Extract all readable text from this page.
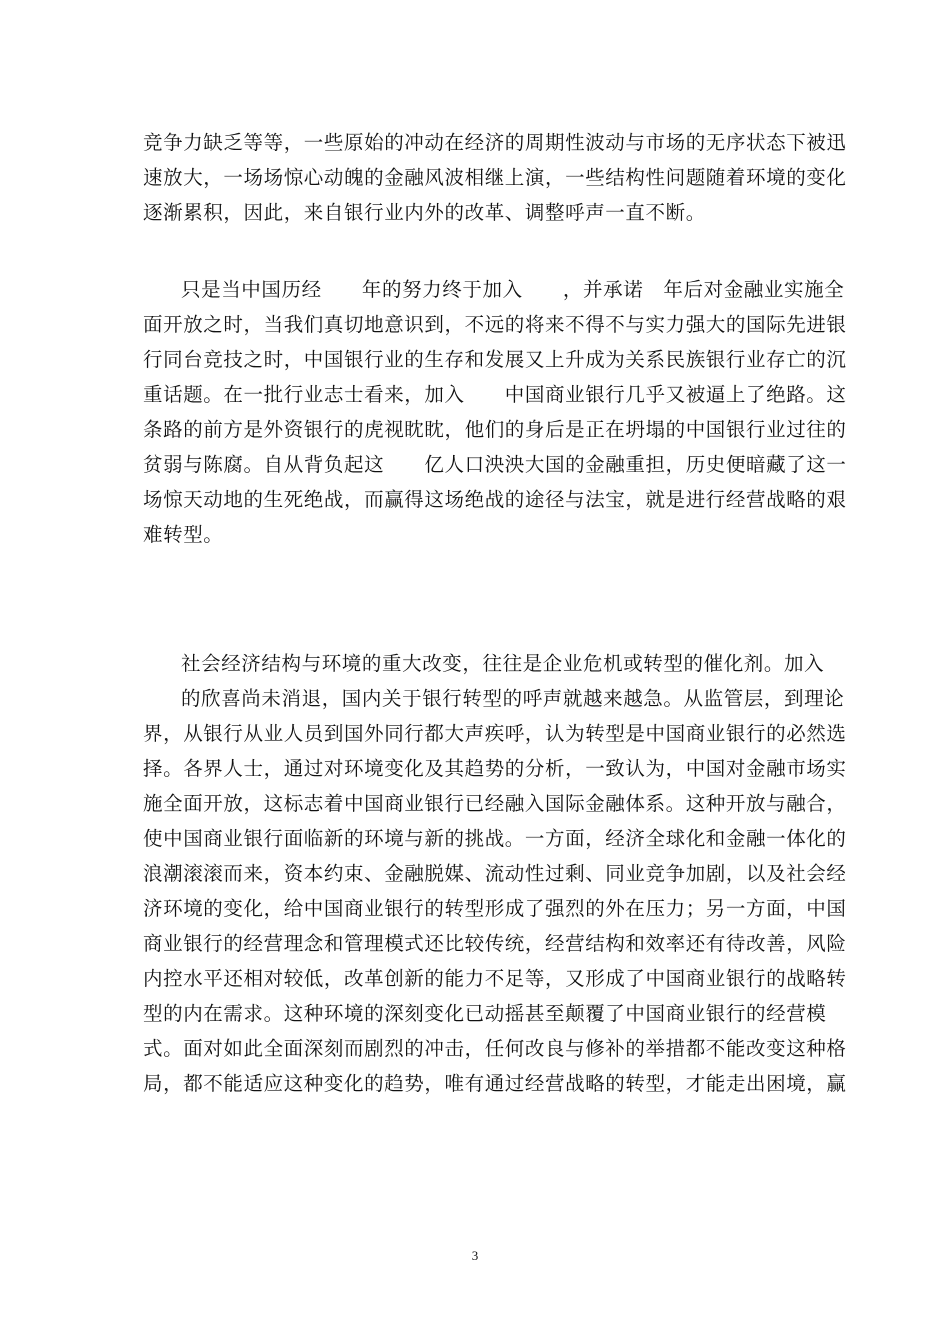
竞争力缺乏等等，一些原始的冲动在经济的周期性波动与市场的无序状态下被迅
速放大，一场场惊心动魄的金融风波相继上演，一些结构性问题随着环境的变化
逐渐累积，因此，来自银行业内外的改革、调整呼声一直不断。
只是当中国历经　　年的努力终于加入　　，并承诺　年后对金融业实施全
面开放之时，当我们真切地意识到，不远的将来不得不与实力强大的国际先进银
行同台竞技之时，中国银行业的生存和发展又上升成为关系民族银行业存亡的沉
重话题。在一批行业志士看来，加入　　中国商业银行几乎又被逼上了绝路。这
条路的前方是外资银行的虎视眈眈，他们的身后是正在坍塌的中国银行业过往的
贫弱与陈腐。自从背负起这　　亿人口泱泱大国的金融重担，历史便暗藏了这一
场惊天动地的生死绝战，而赢得这场绝战的途径与法宝，就是进行经营战略的艰
难转型。
社会经济结构与环境的重大改变，往往是企业危机或转型的催化剂。加入
的欣喜尚未消退，国内关于银行转型的呼声就越来越急。从监管层，到理论
界，从银行从业人员到国外同行都大声疾呼，认为转型是中国商业银行的必然选
择。各界人士，通过对环境变化及其趋势的分析，一致认为，中国对金融市场实
施全面开放，这标志着中国商业银行已经融入国际金融体系。这种开放与融合，
使中国商业银行面临新的环境与新的挑战。一方面，经济全球化和金融一体化的
浪潮滚滚而来，资本约束、金融脱媒、流动性过剩、同业竞争加剧，以及社会经
济环境的变化，给中国商业银行的转型形成了强烈的外在压力；另一方面，中国
商业银行的经营理念和管理模式还比较传统，经营结构和效率还有待改善，风险
内控水平还相对较低，改革创新的能力不足等，又形成了中国商业银行的战略转
型的内在需求。这种环境的深刻变化已动摇甚至颠覆了中国商业银行的经营模
式。面对如此全面深刻而剧烈的冲击，任何改良与修补的举措都不能改变这种格
局，都不能适应这种变化的趋势，唯有通过经营战略的转型，才能走出困境，赢
3
